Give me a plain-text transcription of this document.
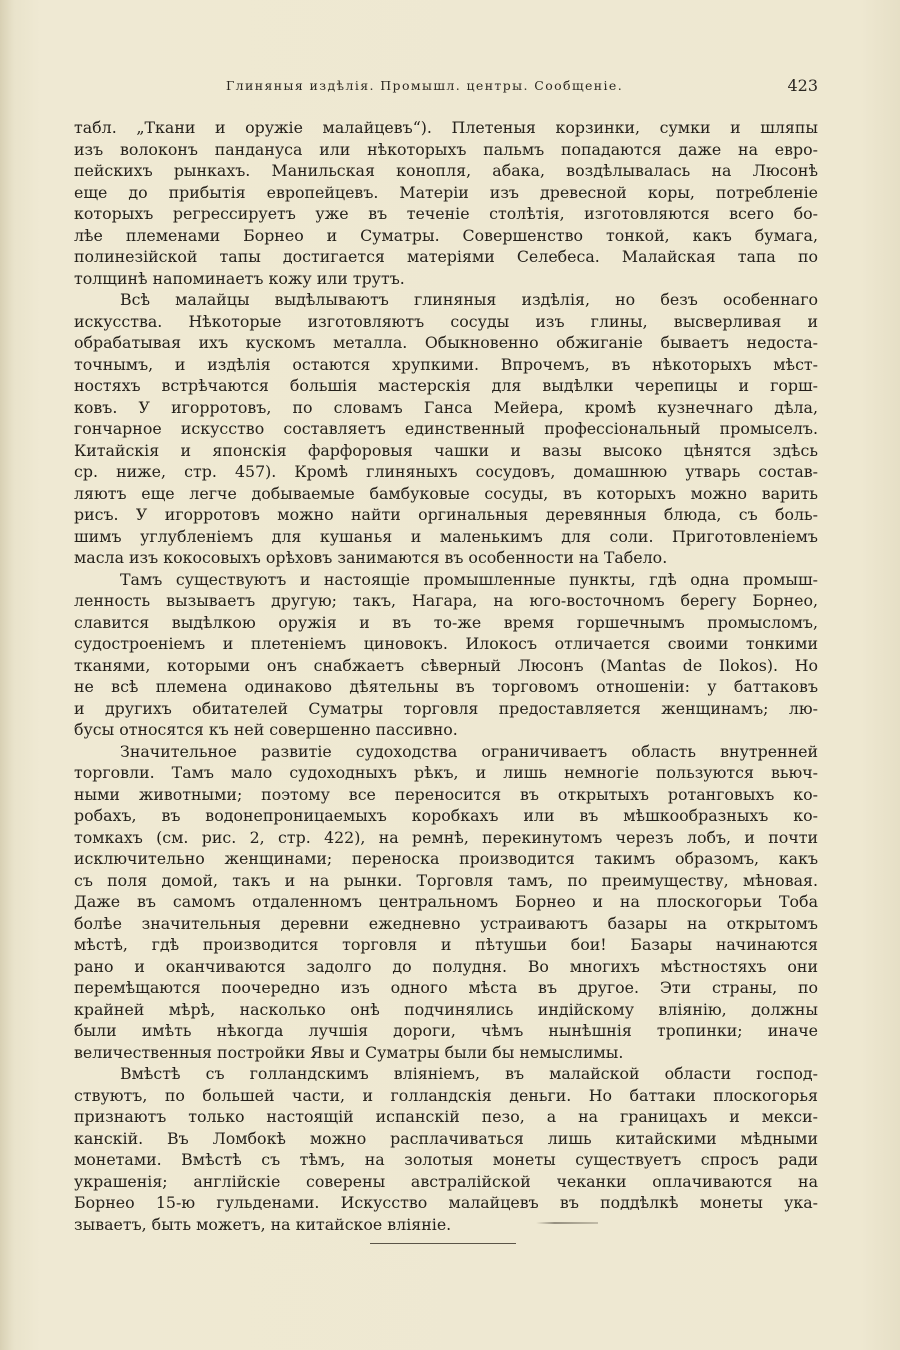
Глиняныя издѣлія. Промышл. центры. Сообщеніе.	423
табл. „Ткани и оружіе малайцевъ“). Плетеныя корзинки, сумки и шляпы
изъ волоконъ пандануса или нѣкоторыхъ пальмъ попадаются даже на евро-
пейскихъ рынкахъ. Манильская конопля, абака, воздѣлывалась на Люсонѣ
еще до прибытія европейцевъ. Матеріи изъ древесной коры, потребленіе
которыхъ регрессируетъ уже въ теченіе столѣтія, изготовляются всего бо-
лѣе племенами Борнео и Суматры. Совершенство тонкой, какъ бумага,
полинезійской тапы достигается матеріями Селебеса. Малайская тапа по
толщинѣ напоминаетъ кожу или трутъ.
Всѣ малайцы выдѣлываютъ глиняныя издѣлія, но безъ особеннаго
искусства. Нѣкоторые изготовляютъ сосуды изъ глины, высверливая и
обрабатывая ихъ кускомъ металла. Обыкновенно обжиганіе бываетъ недоста-
точнымъ, и издѣлія остаются хрупкими. Впрочемъ, въ нѣкоторыхъ мѣст-
ностяхъ встрѣчаются большія мастерскія для выдѣлки черепицы и горш-
ковъ. У игорротовъ, по словамъ Ганса Мейера, кромѣ кузнечнаго дѣла,
гончарное искусство составляетъ единственный профессіональный промыселъ.
Китайскія и японскія фарфоровыя чашки и вазы высоко цѣнятся здѣсь
ср. ниже, стр. 457). Кромѣ глиняныхъ сосудовъ, домашнюю утварь состав-
ляютъ еще легче добываемые бамбуковые сосуды, въ которыхъ можно варить
рисъ. У игорротовъ можно найти оргинальныя деревянныя блюда, съ боль-
шимъ углубленіемъ для кушанья и маленькимъ для соли. Приготовленіемъ
масла изъ кокосовыхъ орѣховъ занимаются въ особенности на Табело.
Тамъ существуютъ и настоящіе промышленные пункты, гдѣ одна промыш-
ленность вызываетъ другую; такъ, Нагара, на юго-восточномъ берегу Борнео,
славится выдѣлкою оружія и въ то-же время горшечнымъ промысломъ,
судостроеніемъ и плетеніемъ циновокъ. Илокосъ отличается своими тонкими
тканями, которыми онъ снабжаетъ сѣверный Люсонъ (Mantas de Ilokos). Но
не всѣ племена одинаково дѣятельны въ торговомъ отношеніи: у баттаковъ
и другихъ обитателей Суматры торговля предоставляется женщинамъ; лю-
бусы относятся къ ней совершенно пассивно.
Значительное развитіе судоходства ограничиваетъ область внутренней
торговли. Тамъ мало судоходныхъ рѣкъ, и лишь немногіе пользуются вьюч-
ными животными; поэтому все переносится въ открытыхъ ротанговыхъ ко-
робахъ, въ водонепроницаемыхъ коробкахъ или въ мѣшкообразныхъ ко-
томкахъ (см. рис. 2, стр. 422), на ремнѣ, перекинутомъ черезъ лобъ, и почти
исключительно женщинами; переноска производится такимъ образомъ, какъ
съ поля домой, такъ и на рынки. Торговля тамъ, по преимуществу, мѣновая.
Даже въ самомъ отдаленномъ центральномъ Борнео и на плоскогорьи Тоба
болѣе значительныя деревни ежедневно устраиваютъ базары на открытомъ
мѣстѣ, гдѣ производится торговля и пѣтушьи бои! Базары начинаются
рано и оканчиваются задолго до полудня. Во многихъ мѣстностяхъ они
перемѣщаются поочередно изъ одного мѣста въ другое. Эти страны, по
крайней мѣрѣ, насколько онѣ подчинялись индійскому вліянію, должны
были имѣть нѣкогда лучшія дороги, чѣмъ нынѣшнія тропинки; иначе
величественныя постройки Явы и Суматры были бы немыслимы.
Вмѣстѣ съ голландскимъ вліяніемъ, въ малайской области господ-
ствуютъ, по большей части, и голландскія деньги. Но баттаки плоскогорья
признаютъ только настоящій испанскій пезо, а на границахъ и мекси-
канскій. Въ Ломбокѣ можно расплачиваться лишь китайскими мѣдными
монетами. Вмѣстѣ съ тѣмъ, на золотыя монеты существуетъ спросъ ради
украшенія; англійскіе соверены австралійской чеканки оплачиваются на
Борнео 15-ю гульденами. Искусство малайцевъ въ поддѣлкѣ монеты ука-
зываетъ, быть можетъ, на китайское вліяніе.
